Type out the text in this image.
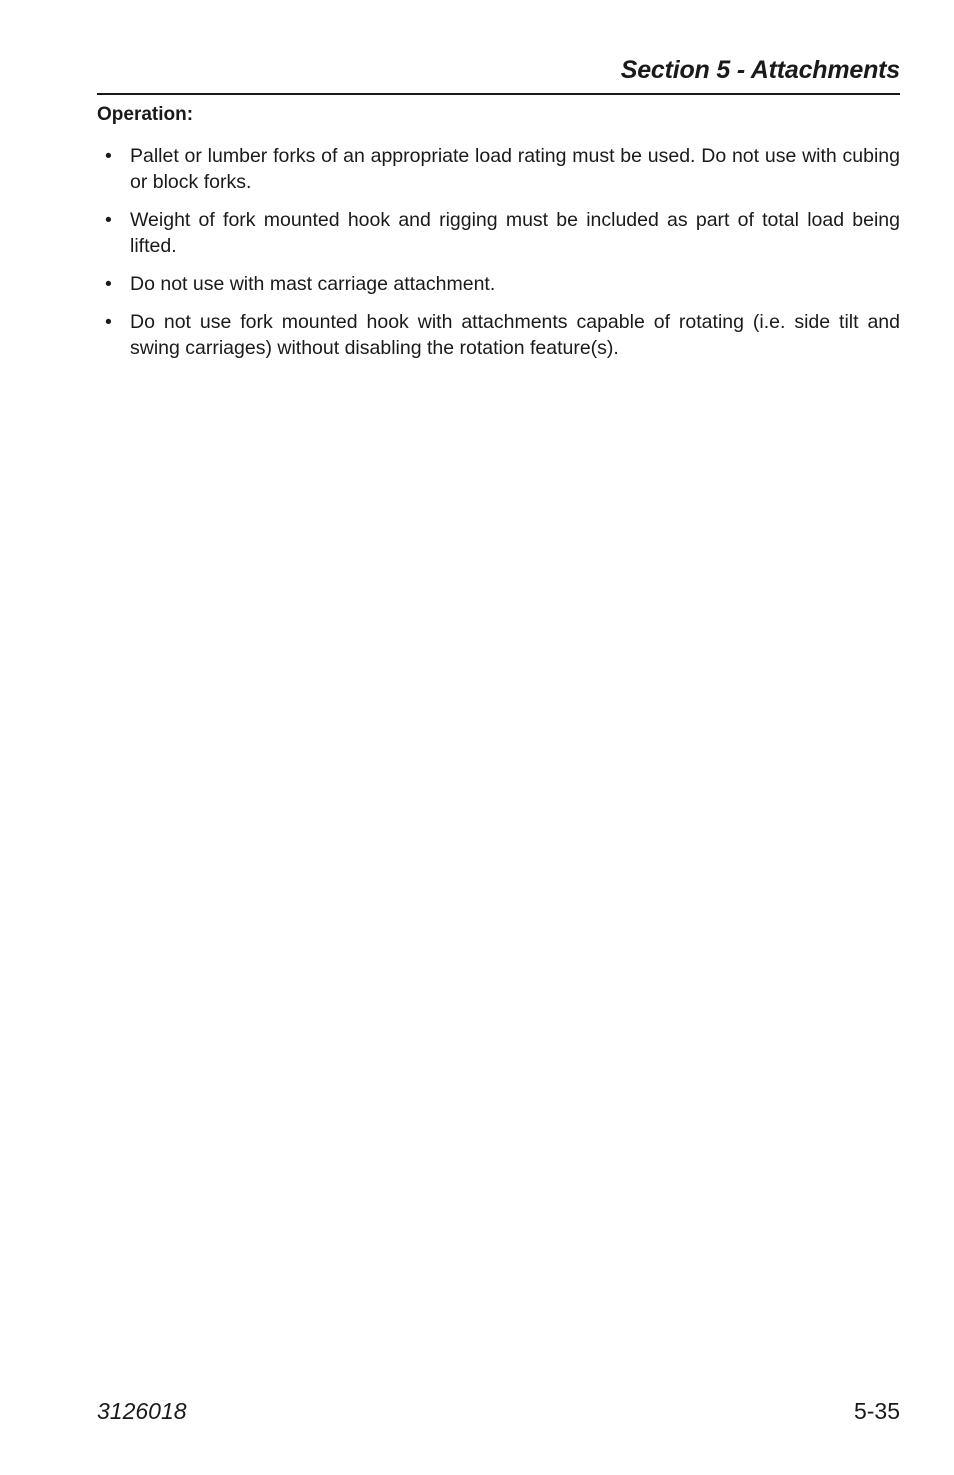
Section 5 - Attachments
Operation:
• Pallet or lumber forks of an appropriate load rating must be used. Do not use with cubing or block forks.
• Weight of fork mounted hook and rigging must be included as part of total load being lifted.
• Do not use with mast carriage attachment.
• Do not use fork mounted hook with attachments capable of rotating (i.e. side tilt and swing carriages) without disabling the rotation feature(s).
3126018	5-35
